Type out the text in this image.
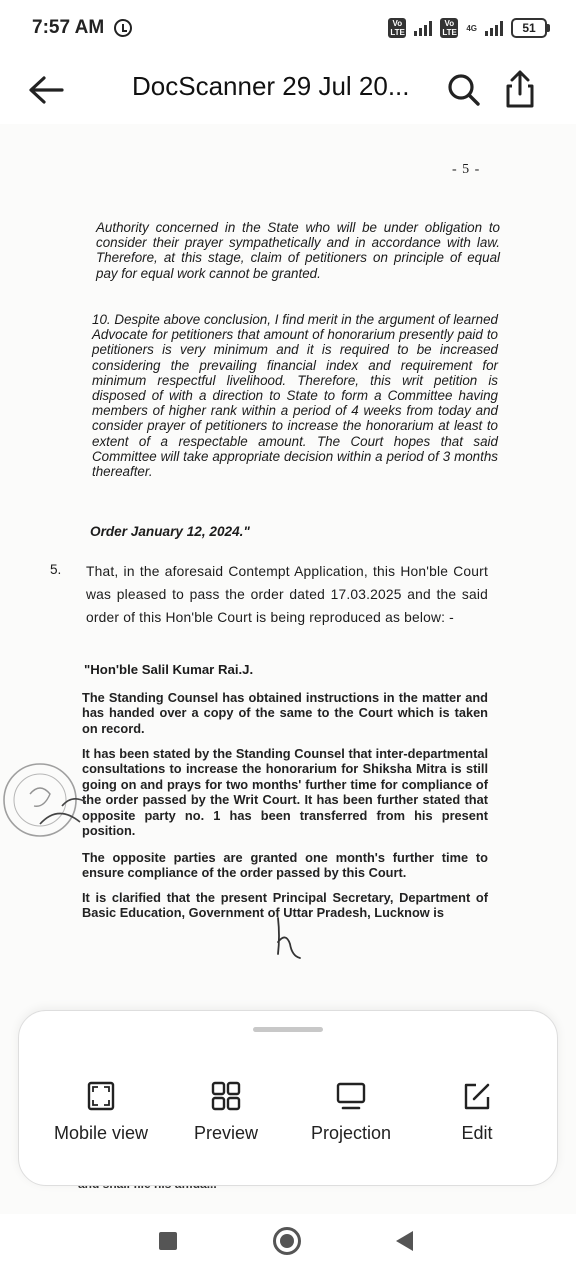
7:57 AM	Vo LTE
Vo LTE 4G	51
DocScanner 29 Jul 20...
- 5 -

Authority concerned in the State who will be under obligation to consider their prayer sympathetically and in accordance with law. Therefore, at this stage, claim of petitioners on principle of equal pay for equal work cannot be granted.

10. Despite above conclusion, I find merit in the argument of learned Advocate for petitioners that amount of honorarium presently paid to petitioners is very minimum and it is required to be increased considering the prevailing financial index and requirement for minimum respectful livelihood. Therefore, this writ petition is disposed of with a direction to State to form a Committee having members of higher rank within a period of 4 weeks from today and consider prayer of petitioners to increase the honorarium at least to extent of a respectable amount. The Court hopes that said Committee will take appropriate decision within a period of 3 months thereafter.

Order January 12, 2024."
5. That, in the aforesaid Contempt Application, this Hon'ble Court was pleased to pass the order dated 17.03.2025 and the said order of this Hon'ble Court is being reproduced as below: -

"Hon'ble Salil Kumar Rai.J.

The Standing Counsel has obtained instructions in the matter and has handed over a copy of the same to the Court which is taken on record.

It has been stated by the Standing Counsel that inter-departmental consultations to increase the honorarium for Shiksha Mitra is still going on and prays for two months' further time for compliance of the order passed by the Writ Court. It has been further stated that opposite party no. 1 has been transferred from his present position.

The opposite parties are granted one month's further time to ensure compliance of the order passed by this Court.

It is clarified that the present Principal Secretary, Department of Basic Education, Government of Uttar Pradesh, Lucknow is

Mobile view	Preview	Projection	Edit
